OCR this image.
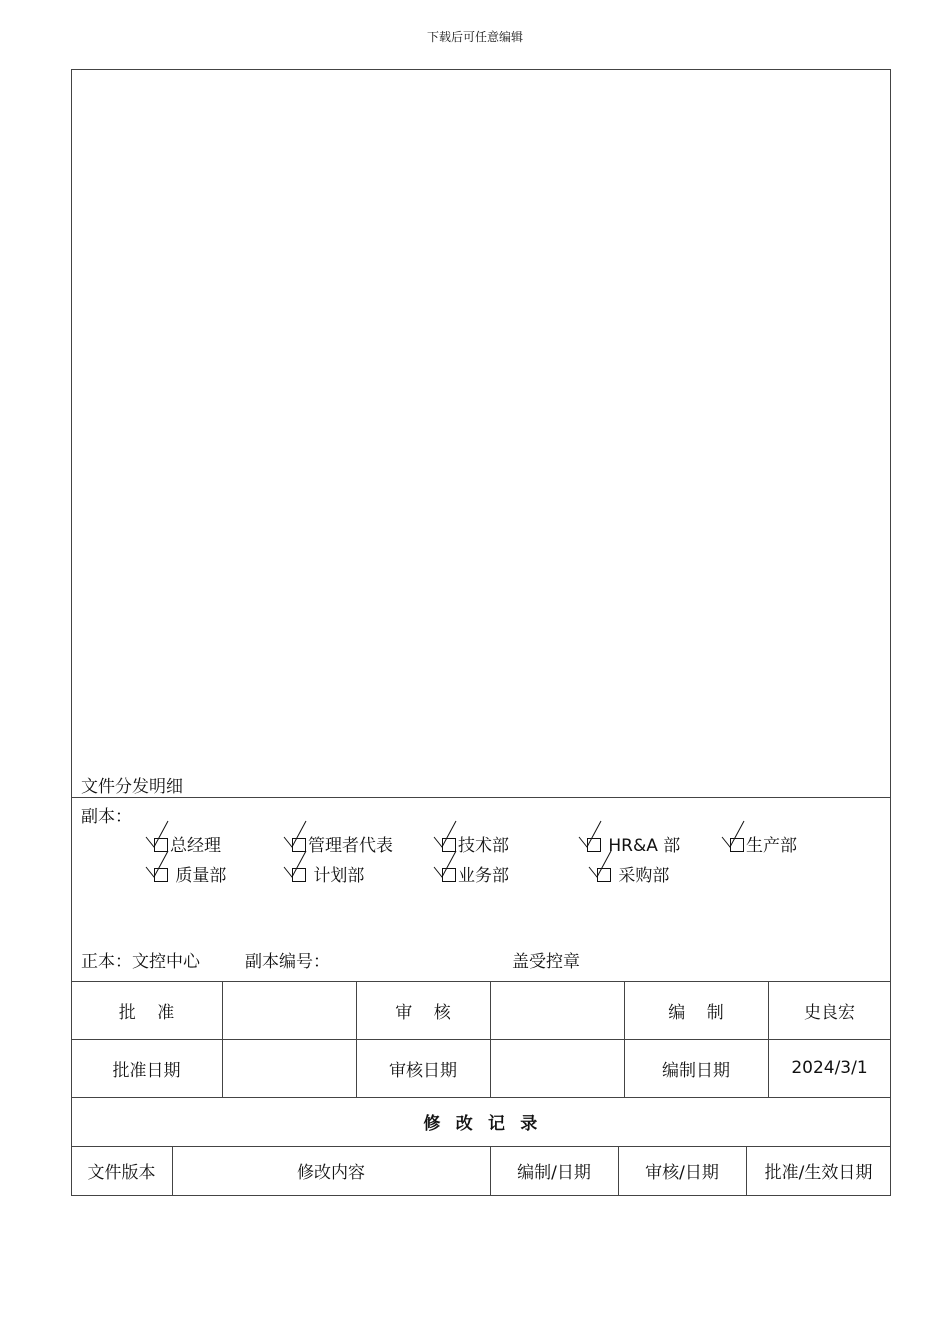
下载后可任意编辑
文件分发明细
副本：
总经理	管理者代表	技术部	HR&A 部	生产部
质量部	计划部	业务部	采购部
正本：文控中心	副本编号：	盖受控章
批    准	审    核	编    制	史良宏
批准日期	审核日期	编制日期	2024/3/1
修改记录
文件版本	修改内容	编制/日期	审核/日期	批准/生效日期
